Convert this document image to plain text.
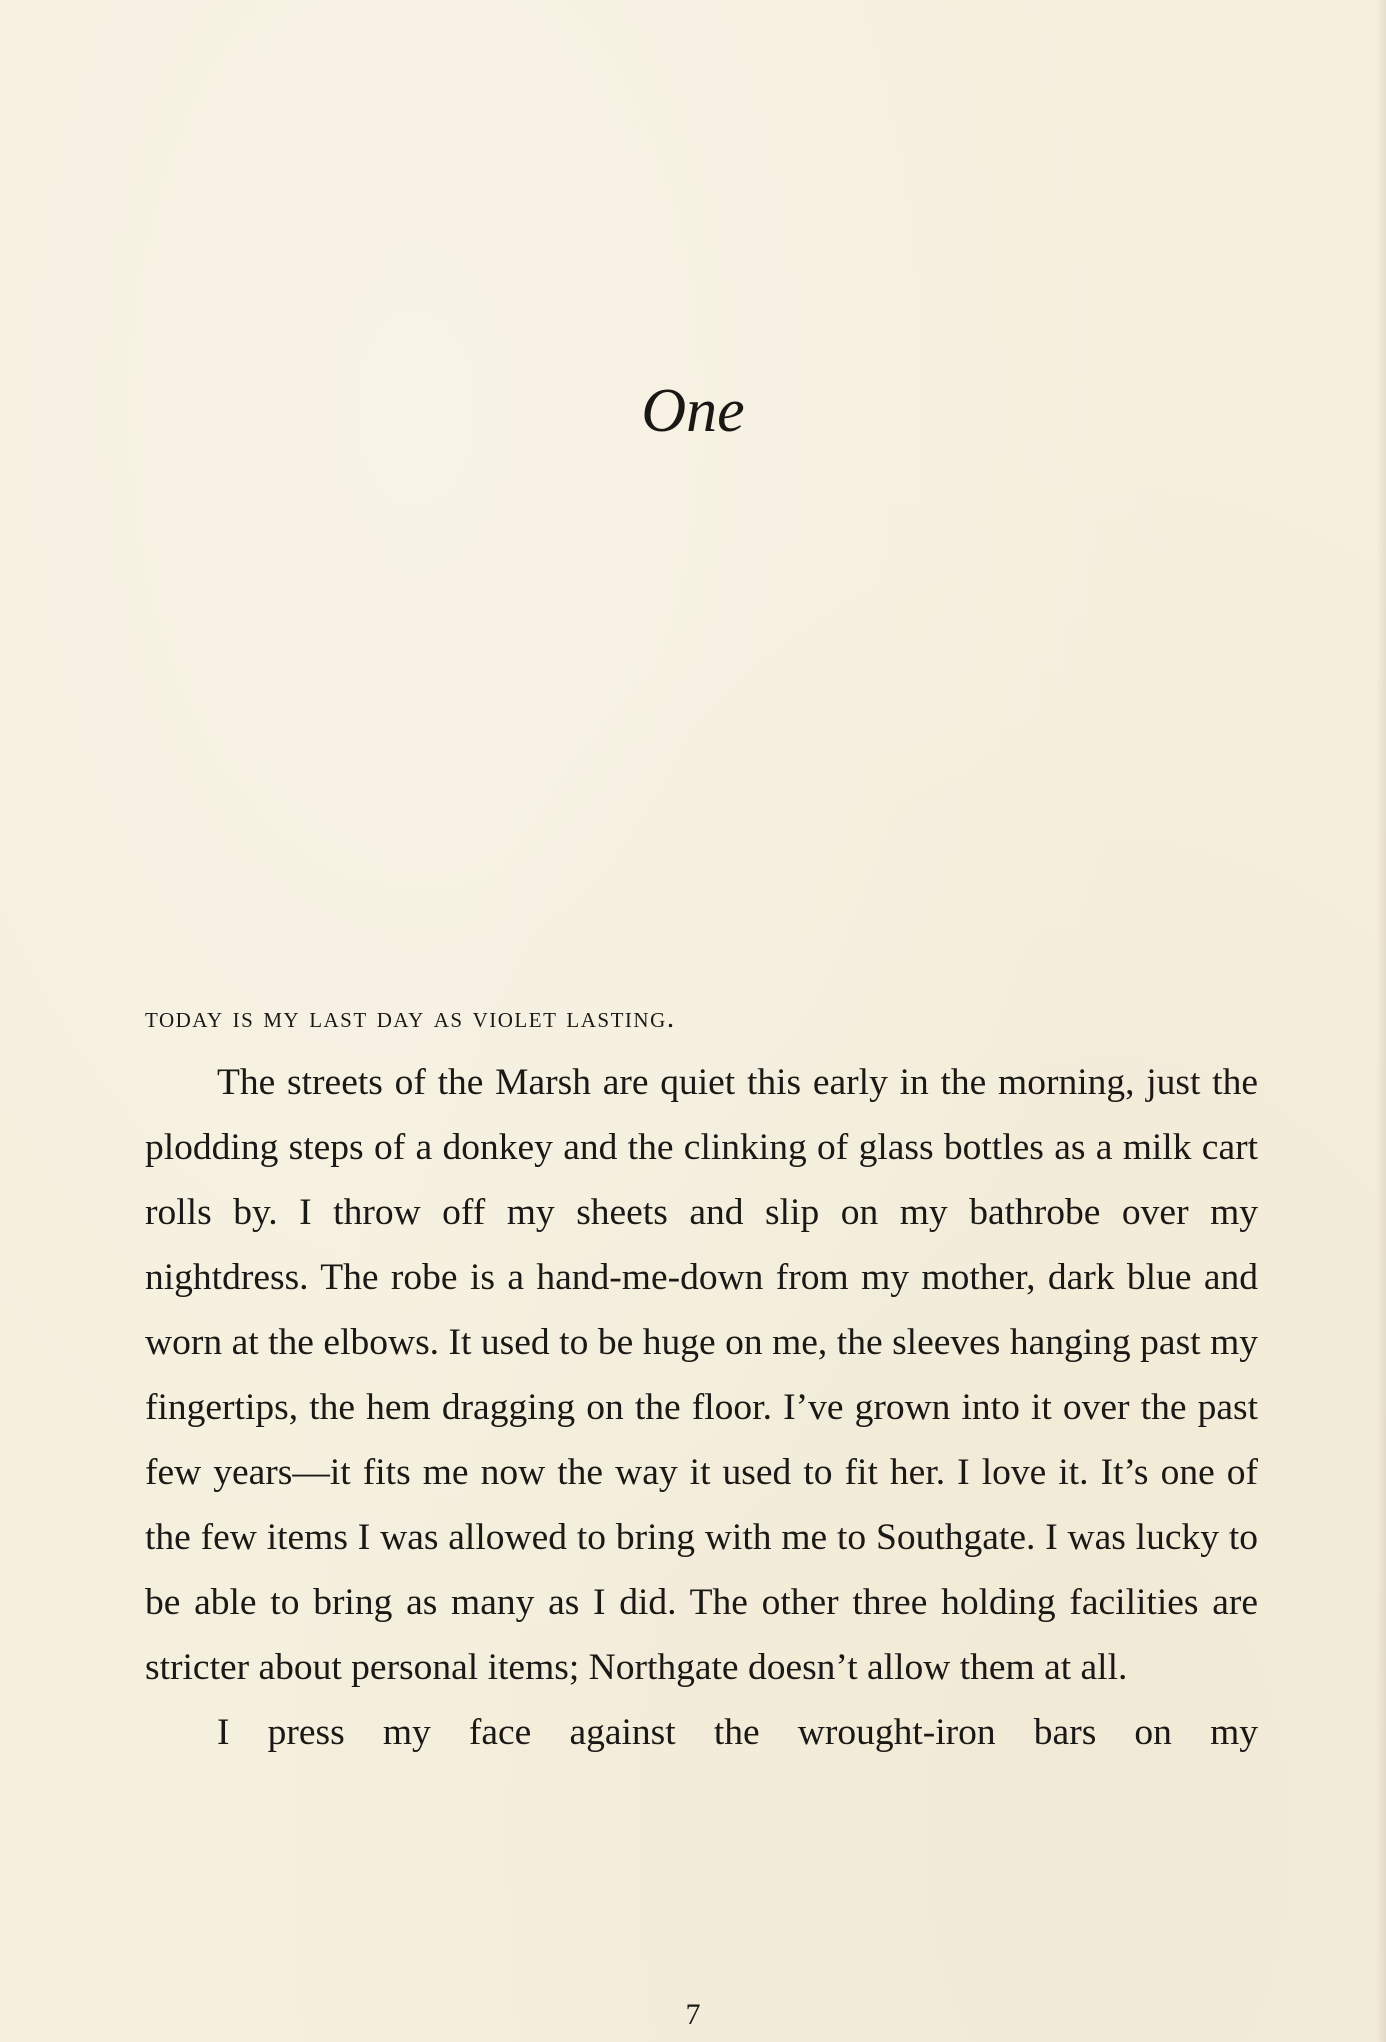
One

today is my last day as violet lasting.

The streets of the Marsh are quiet this early in the morning, just the plodding steps of a donkey and the clinking of glass bottles as a milk cart rolls by. I throw off my sheets and slip on my bathrobe over my nightdress. The robe is a hand-me-down from my mother, dark blue and worn at the elbows. It used to be huge on me, the sleeves hanging past my fingertips, the hem dragging on the floor. I’ve grown into it over the past few years—it fits me now the way it used to fit her. I love it. It’s one of the few items I was allowed to bring with me to Southgate. I was lucky to be able to bring as many as I did. The other three holding facilities are stricter about personal items; Northgate doesn’t allow them at all.

I press my face against the wrought-iron bars on my

7
